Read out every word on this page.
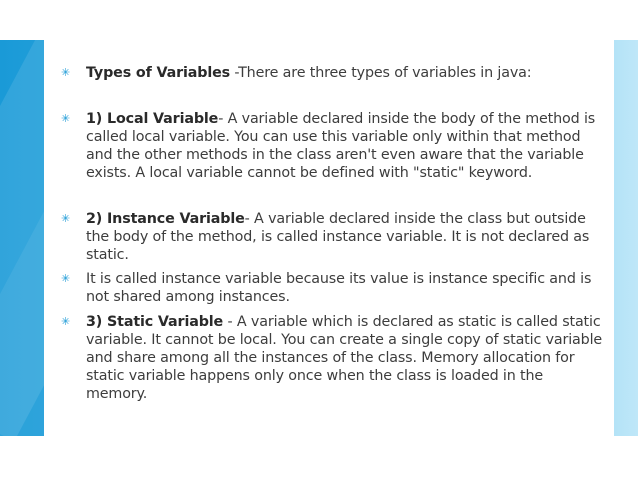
✳	Types of Variables -There are three types of variables in java:

✳	1) Local Variable- A variable declared inside the body of the method is called local variable. You can use this variable only within that method and the other methods in the class aren't even aware that the variable exists. A local variable cannot be defined with "static" keyword.

✳	2) Instance Variable- A variable declared inside the class but outside the body of the method, is called instance variable. It is not declared as static.

✳	It is called instance variable because its value is instance specific and is not shared among instances.

✳	3) Static Variable - A variable which is declared as static is called static variable. It cannot be local. You can create a single copy of static variable and share among all the instances of the class. Memory allocation for static variable happens only once when the class is loaded in the memory.
